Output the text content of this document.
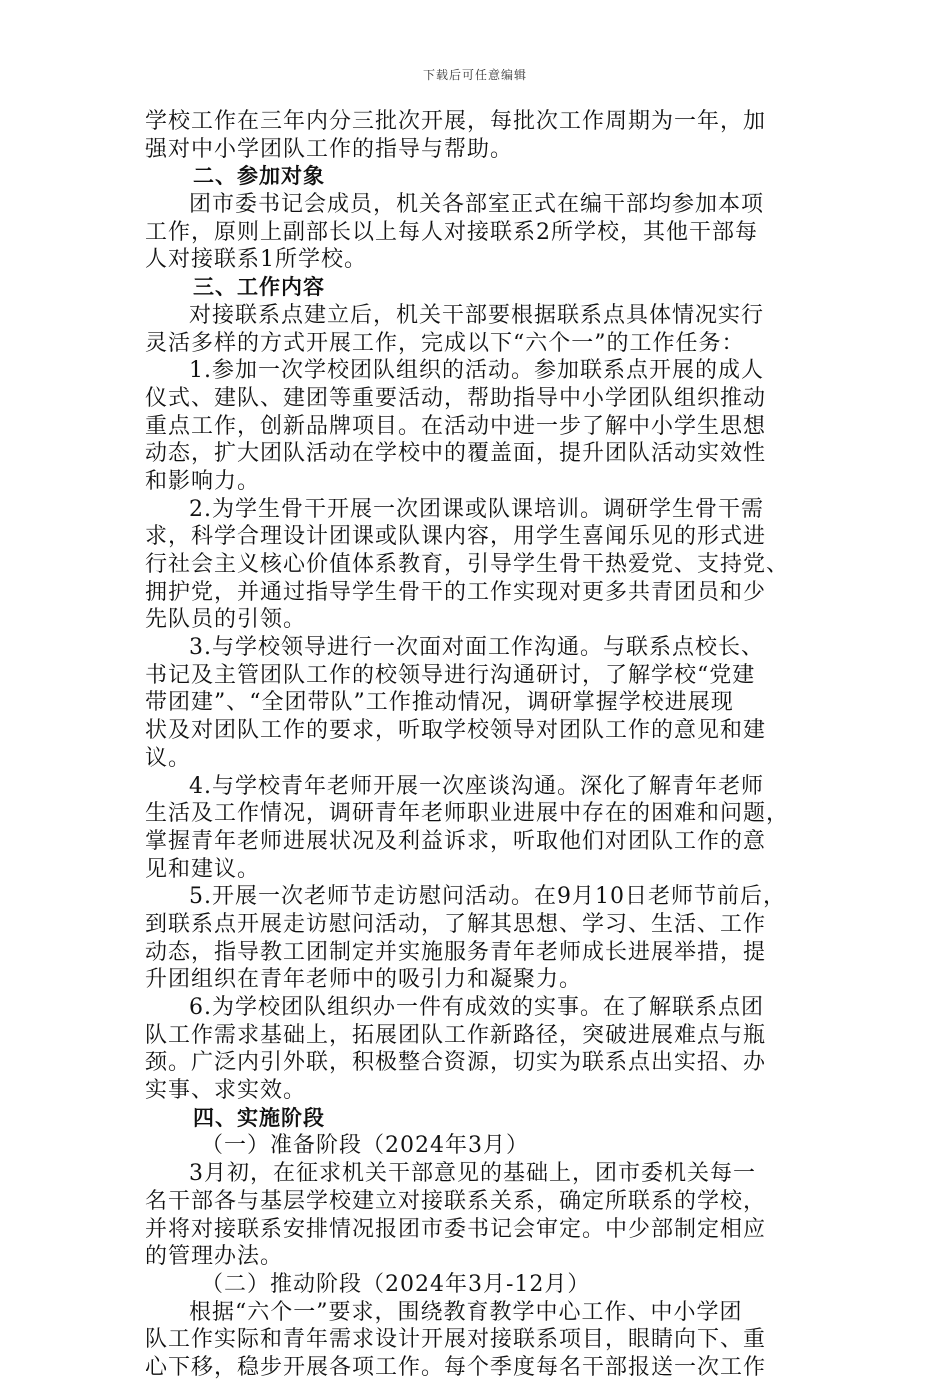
下载后可任意编辑
学校工作在三年内分三批次开展，每批次工作周期为一年，加
强对中小学团队工作的指导与帮助。
二、参加对象
团市委书记会成员，机关各部室正式在编干部均参加本项
工作，原则上副部长以上每人对接联系2所学校，其他干部每
人对接联系1所学校。
三、工作内容
对接联系点建立后，机关干部要根据联系点具体情况实行
灵活多样的方式开展工作，完成以下“六个一”的工作任务：
1.参加一次学校团队组织的活动。参加联系点开展的成人
仪式、建队、建团等重要活动，帮助指导中小学团队组织推动
重点工作，创新品牌项目。在活动中进一步了解中小学生思想
动态，扩大团队活动在学校中的覆盖面，提升团队活动实效性
和影响力。
2.为学生骨干开展一次团课或队课培训。调研学生骨干需
求，科学合理设计团课或队课内容，用学生喜闻乐见的形式进
行社会主义核心价值体系教育，引导学生骨干热爱党、支持党、
拥护党，并通过指导学生骨干的工作实现对更多共青团员和少
先队员的引领。
3.与学校领导进行一次面对面工作沟通。与联系点校长、
书记及主管团队工作的校领导进行沟通研讨，了解学校“党建
带团建”、“全团带队”工作推动情况，调研掌握学校进展现
状及对团队工作的要求，听取学校领导对团队工作的意见和建
议。
4.与学校青年老师开展一次座谈沟通。深化了解青年老师
生活及工作情况，调研青年老师职业进展中存在的困难和问题，
掌握青年老师进展状况及利益诉求，听取他们对团队工作的意
见和建议。
5.开展一次老师节走访慰问活动。在9月10日老师节前后，
到联系点开展走访慰问活动，了解其思想、学习、生活、工作
动态，指导教工团制定并实施服务青年老师成长进展举措，提
升团组织在青年老师中的吸引力和凝聚力。
6.为学校团队组织办一件有成效的实事。在了解联系点团
队工作需求基础上，拓展团队工作新路径，突破进展难点与瓶
颈。广泛内引外联，积极整合资源，切实为联系点出实招、办
实事、求实效。
四、实施阶段
（一）准备阶段（2024年3月）
3月初，在征求机关干部意见的基础上，团市委机关每一
名干部各与基层学校建立对接联系关系，确定所联系的学校，
并将对接联系安排情况报团市委书记会审定。中少部制定相应
的管理办法。
（二）推动阶段（2024年3月-12月）
根据“六个一”要求，围绕教育教学中心工作、中小学团
队工作实际和青年需求设计开展对接联系项目，眼睛向下、重
心下移，稳步开展各项工作。每个季度每名干部报送一次工作
